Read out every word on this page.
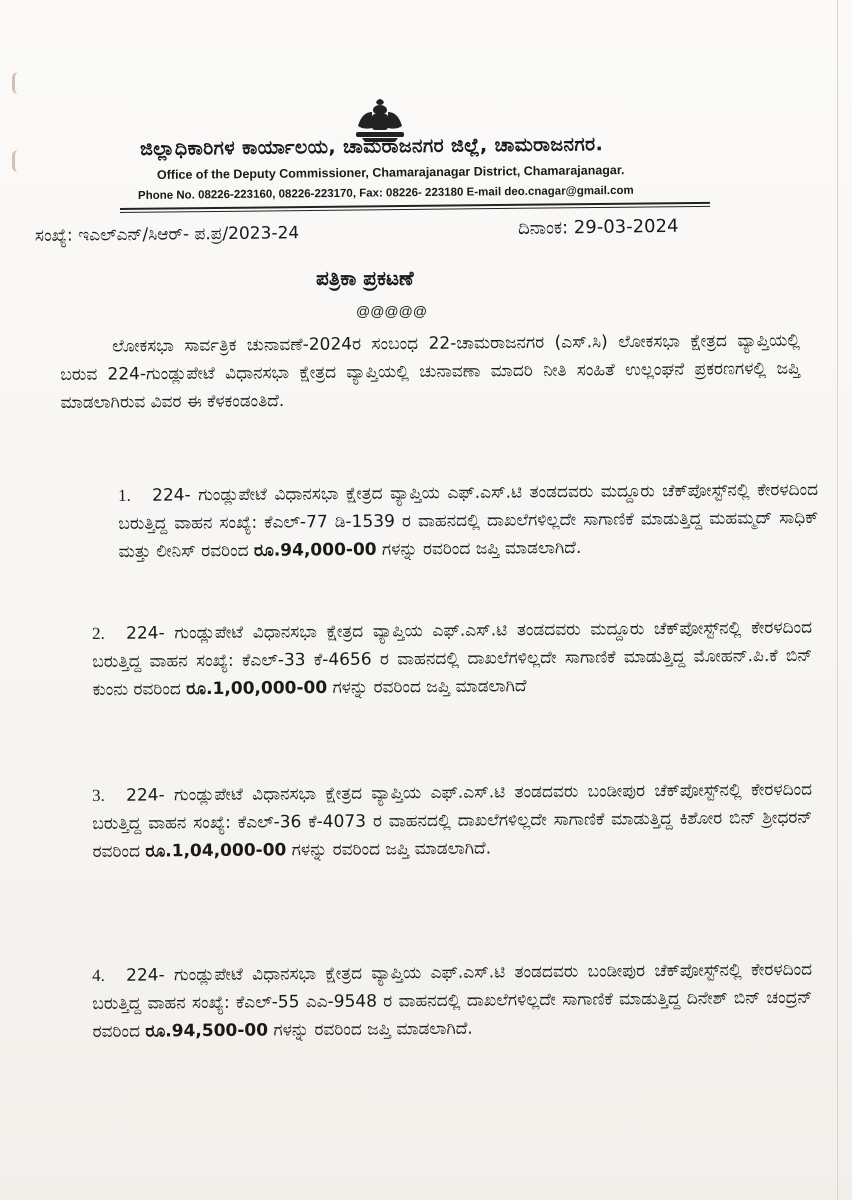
ಜಿಲ್ಲಾಧಿಕಾರಿಗಳ ಕಾರ್ಯಾಲಯ, ಚಾಮರಾಜನಗರ ಜಿಲ್ಲೆ, ಚಾಮರಾಜನಗರ.
Office of the Deputy Commissioner, Chamarajanagar District, Chamarajanagar.
Phone No. 08226-223160, 08226-223170, Fax: 08226- 223180 E-mail deo.cnagar@gmail.com
ಸಂಖ್ಯೆ: ಇಎಲ್ಎನ್/ಸಿಆರ್- ಪ.ಪ್ರ/2023-24	ದಿನಾಂಕ: 29-03-2024
ಪತ್ರಿಕಾ ಪ್ರಕಟಣೆ
@@@@@
ಲೋಕಸಭಾ ಸಾರ್ವತ್ರಿಕ ಚುನಾವಣೆ-2024ರ ಸಂಬಂಧ 22-ಚಾಮರಾಜನಗರ (ಎಸ್.ಸಿ) ಲೋಕಸಭಾ ಕ್ಷೇತ್ರದ ವ್ಯಾಪ್ತಿಯಲ್ಲಿ ಬರುವ 224-ಗುಂಡ್ಲುಪೇಟೆ ವಿಧಾನಸಭಾ ಕ್ಷೇತ್ರದ ವ್ಯಾಪ್ತಿಯಲ್ಲಿ ಚುನಾವಣಾ ಮಾದರಿ ನೀತಿ ಸಂಹಿತೆ ಉಲ್ಲಂಘನೆ ಪ್ರಕರಣಗಳಲ್ಲಿ ಜಪ್ತಿ ಮಾಡಲಾಗಿರುವ ವಿವರ ಈ ಕೆಳಕಂಡಂತಿದೆ.
1. 224- ಗುಂಡ್ಲುಪೇಟೆ ವಿಧಾನಸಭಾ ಕ್ಷೇತ್ರದ ವ್ಯಾಪ್ತಿಯ ಎಫ್.ಎಸ್.ಟಿ ತಂಡದವರು ಮದ್ದೂರು ಚೆಕ್‌ಪೋಸ್ಟ್‌ನಲ್ಲಿ ಕೇರಳದಿಂದ ಬರುತ್ತಿದ್ದ ವಾಹನ ಸಂಖ್ಯೆ: ಕೆಎಲ್-77 ಡಿ-1539 ರ ವಾಹನದಲ್ಲಿ ದಾಖಲೆಗಳಿಲ್ಲದೇ ಸಾಗಾಣಿಕೆ ಮಾಡುತ್ತಿದ್ದ ಮಹಮ್ಮದ್ ಸಾಧಿಕ್ ಮತ್ತು ಲೀನಿಸ್ ರವರಿಂದ ರೂ.94,000-00 ಗಳನ್ನು ರವರಿಂದ ಜಪ್ತಿ ಮಾಡಲಾಗಿದೆ.
2. 224- ಗುಂಡ್ಲುಪೇಟೆ ವಿಧಾನಸಭಾ ಕ್ಷೇತ್ರದ ವ್ಯಾಪ್ತಿಯ ಎಫ್.ಎಸ್.ಟಿ ತಂಡದವರು ಮದ್ದೂರು ಚೆಕ್‌ಪೋಸ್ಟ್‌ನಲ್ಲಿ ಕೇರಳದಿಂದ ಬರುತ್ತಿದ್ದ ವಾಹನ ಸಂಖ್ಯೆ: ಕೆಎಲ್-33 ಕೆ-4656 ರ ವಾಹನದಲ್ಲಿ ದಾಖಲೆಗಳಿಲ್ಲದೇ ಸಾಗಾಣಿಕೆ ಮಾಡುತ್ತಿದ್ದ ಮೋಹನ್.ಪಿ.ಕೆ ಬಿನ್ ಕುಂನು ರವರಿಂದ ರೂ.1,00,000-00 ಗಳನ್ನು ರವರಿಂದ ಜಪ್ತಿ ಮಾಡಲಾಗಿದೆ
3. 224- ಗುಂಡ್ಲುಪೇಟೆ ವಿಧಾನಸಭಾ ಕ್ಷೇತ್ರದ ವ್ಯಾಪ್ತಿಯ ಎಫ್.ಎಸ್.ಟಿ ತಂಡದವರು ಬಂಡೀಪುರ ಚೆಕ್‌ಪೋಸ್ಟ್‌ನಲ್ಲಿ ಕೇರಳದಿಂದ ಬರುತ್ತಿದ್ದ ವಾಹನ ಸಂಖ್ಯೆ: ಕೆಎಲ್-36 ಕೆ-4073 ರ ವಾಹನದಲ್ಲಿ ದಾಖಲೆಗಳಿಲ್ಲದೇ ಸಾಗಾಣಿಕೆ ಮಾಡುತ್ತಿದ್ದ ಕಿಶೋರ ಬಿನ್ ಶ್ರೀಧರನ್ ರವರಿಂದ ರೂ.1,04,000-00 ಗಳನ್ನು ರವರಿಂದ ಜಪ್ತಿ ಮಾಡಲಾಗಿದೆ.
4. 224- ಗುಂಡ್ಲುಪೇಟೆ ವಿಧಾನಸಭಾ ಕ್ಷೇತ್ರದ ವ್ಯಾಪ್ತಿಯ ಎಫ್.ಎಸ್.ಟಿ ತಂಡದವರು ಬಂಡೀಪುರ ಚೆಕ್‌ಪೋಸ್ಟ್‌ನಲ್ಲಿ ಕೇರಳದಿಂದ ಬರುತ್ತಿದ್ದ ವಾಹನ ಸಂಖ್ಯೆ: ಕೆಎಲ್-55 ಎಎ-9548 ರ ವಾಹನದಲ್ಲಿ ದಾಖಲೆಗಳಿಲ್ಲದೇ ಸಾಗಾಣಿಕೆ ಮಾಡುತ್ತಿದ್ದ ದಿನೇಶ್ ಬಿನ್ ಚಂದ್ರನ್ ರವರಿಂದ ರೂ.94,500-00 ಗಳನ್ನು ರವರಿಂದ ಜಪ್ತಿ ಮಾಡಲಾಗಿದೆ.
